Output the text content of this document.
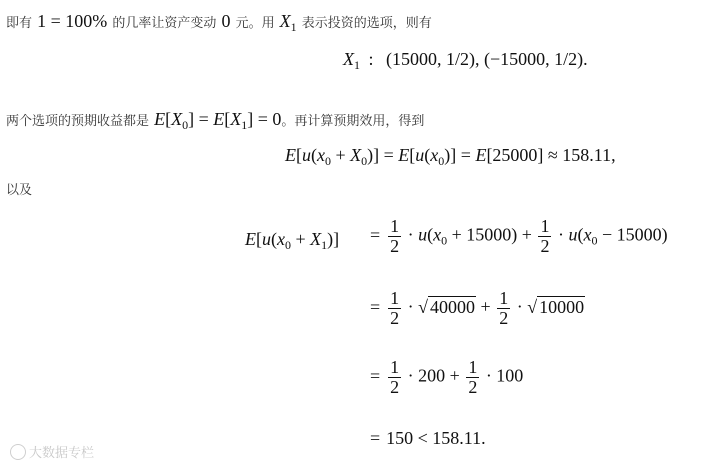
即有 1 = 100% 的几率让资产变动 0 元。用 $X_1$ 表示投资的选项，则有
$X_1$ : (15000, 1/2), (−15000, 1/2).
两个选项的预期收益都是 $E[X_0] = E[X_1] = 0$。再计算预期效用，得到
$E[u(x_0 + X_0)] = E[u(x_0)] = E[25000] \approx 158.11$,
以及
$E[u(x_0 + X_1)] = \frac{1}{2} \cdot u(x_0 + 15000) + \frac{1}{2} \cdot u(x_0 - 15000)$
= $\frac{1}{2}$ · √ $40000 + \frac{1}{2}$ · √ 10000
= $\frac{1}{2} \cdot 200 + \frac{1}{2} \cdot 100$
= 150 < 158.11.
大数据专栏
